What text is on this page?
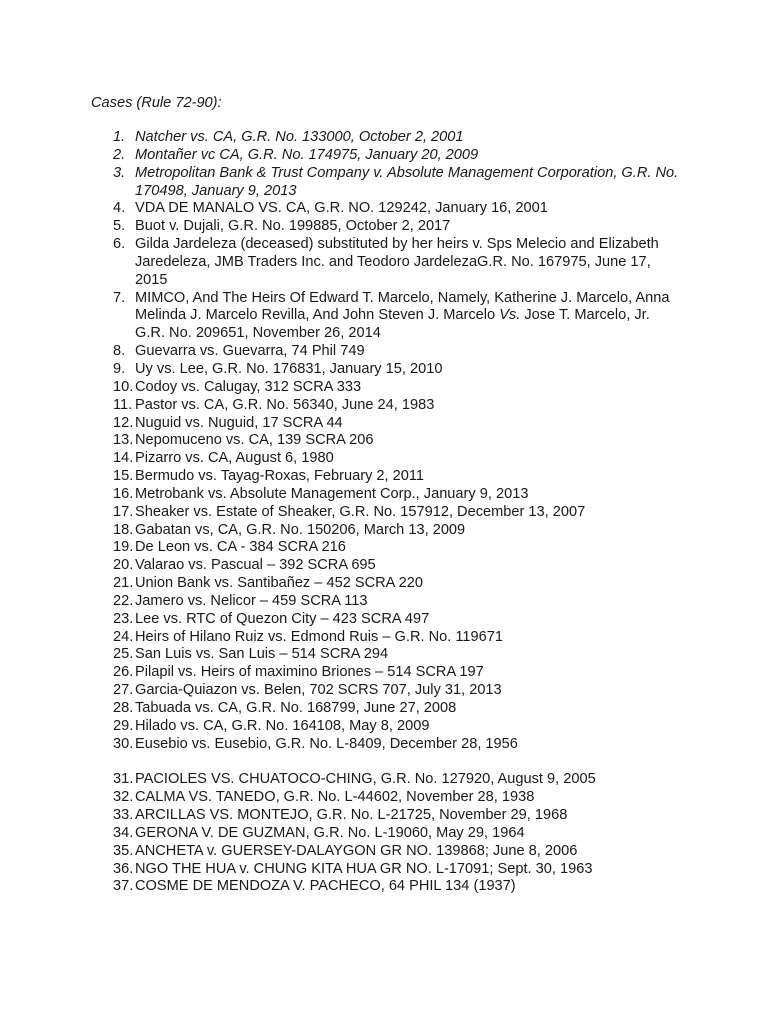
Cases (Rule 72-90):
1. Natcher vs. CA, G.R. No. 133000, October 2, 2001
2. Montañer vc CA, G.R. No. 174975, January 20, 2009
3. Metropolitan Bank & Trust Company v. Absolute Management Corporation, G.R. No. 170498, January 9, 2013
4. VDA DE MANALO VS. CA, G.R. NO. 129242, January 16, 2001
5. Buot v. Dujali, G.R. No. 199885, October 2, 2017
6. Gilda Jardeleza (deceased) substituted by her heirs v. Sps Melecio and Elizabeth Jaredeleza, JMB Traders Inc. and Teodoro JardelezaG.R. No. 167975, June 17, 2015
7. MIMCO, And The Heirs Of Edward T. Marcelo, Namely, Katherine J. Marcelo, Anna Melinda J. Marcelo Revilla, And John Steven J. Marcelo Vs. Jose T. Marcelo, Jr. G.R. No. 209651, November 26, 2014
8. Guevarra vs. Guevarra, 74 Phil 749
9. Uy vs. Lee, G.R. No. 176831, January 15, 2010
10. Codoy vs. Calugay, 312 SCRA 333
11. Pastor vs. CA, G.R. No. 56340, June 24, 1983
12. Nuguid vs. Nuguid, 17 SCRA 44
13. Nepomuceno vs. CA, 139 SCRA 206
14. Pizarro vs. CA, August 6, 1980
15. Bermudo vs. Tayag-Roxas, February 2, 2011
16. Metrobank vs. Absolute Management Corp., January 9, 2013
17. Sheaker vs. Estate of Sheaker, G.R. No. 157912, December 13, 2007
18. Gabatan vs, CA, G.R. No. 150206, March 13, 2009
19. De Leon vs. CA - 384 SCRA 216
20. Valarao vs. Pascual – 392 SCRA 695
21. Union Bank vs. Santibañez – 452 SCRA 220
22. Jamero vs. Nelicor – 459 SCRA 113
23. Lee vs. RTC of Quezon City – 423 SCRA 497
24. Heirs of Hilano Ruiz vs. Edmond Ruis – G.R. No. 119671
25. San Luis vs. San Luis – 514 SCRA 294
26. Pilapil vs. Heirs of maximino Briones – 514 SCRA 197
27. Garcia-Quiazon vs. Belen, 702 SCRS 707, July 31, 2013
28. Tabuada vs. CA, G.R. No. 168799, June 27, 2008
29. Hilado vs. CA, G.R. No. 164108, May 8, 2009
30. Eusebio vs. Eusebio, G.R. No. L-8409, December 28, 1956
31. PACIOLES VS. CHUATOCO-CHING, G.R. No. 127920, August 9, 2005
32. CALMA VS. TANEDO, G.R. No. L-44602, November 28, 1938
33. ARCILLAS VS. MONTEJO, G.R. No. L-21725, November 29, 1968
34. GERONA V. DE GUZMAN, G.R. No. L-19060, May 29, 1964
35. ANCHETA v. GUERSEY-DALAYGON GR NO. 139868; June 8, 2006
36. NGO THE HUA v. CHUNG KITA HUA GR NO. L-17091; Sept. 30, 1963
37. COSME DE MENDOZA V. PACHECO, 64 PHIL 134 (1937)
